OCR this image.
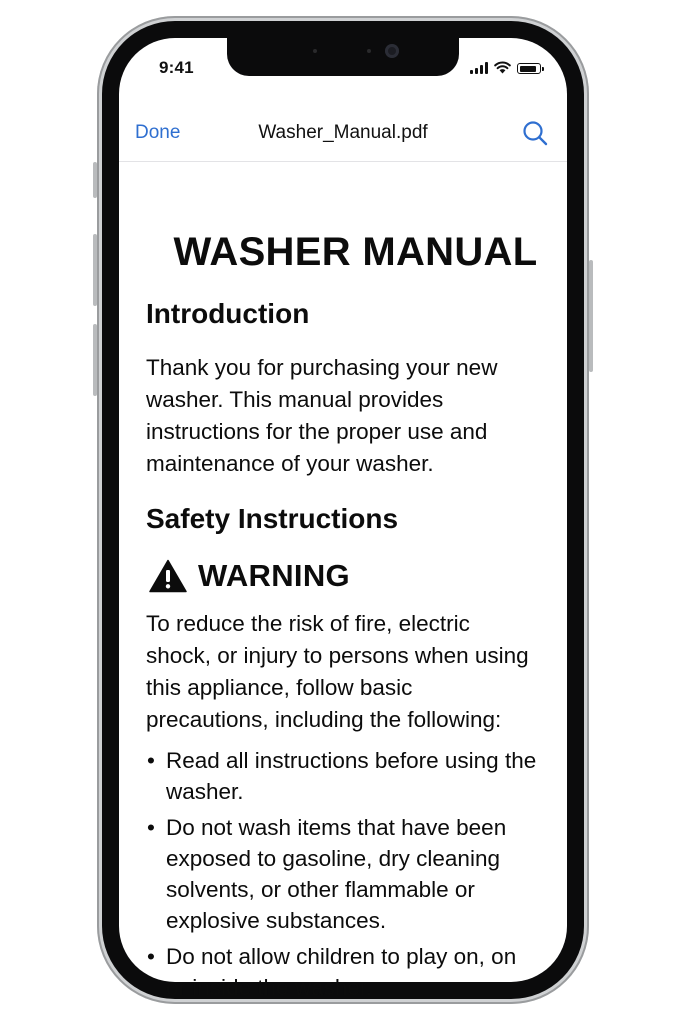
9:41
Washer_Manual.pdf
Done
WASHER MANUAL
Introduction

Thank you for purchasing your new washer. This manual provides instructions for the proper use and maintenance of your washer.

Safety Instructions
WARNING

To reduce the risk of fire, electric shock, or injury to persons when using this appliance, follow basic precautions, including the following:

• Read all instructions before using the washer.
• Do not wash items that have been exposed to gasoline, dry cleaning solvents, or other flammable or explosive substances.
• Do not allow children to play on, on or inside the washer.
